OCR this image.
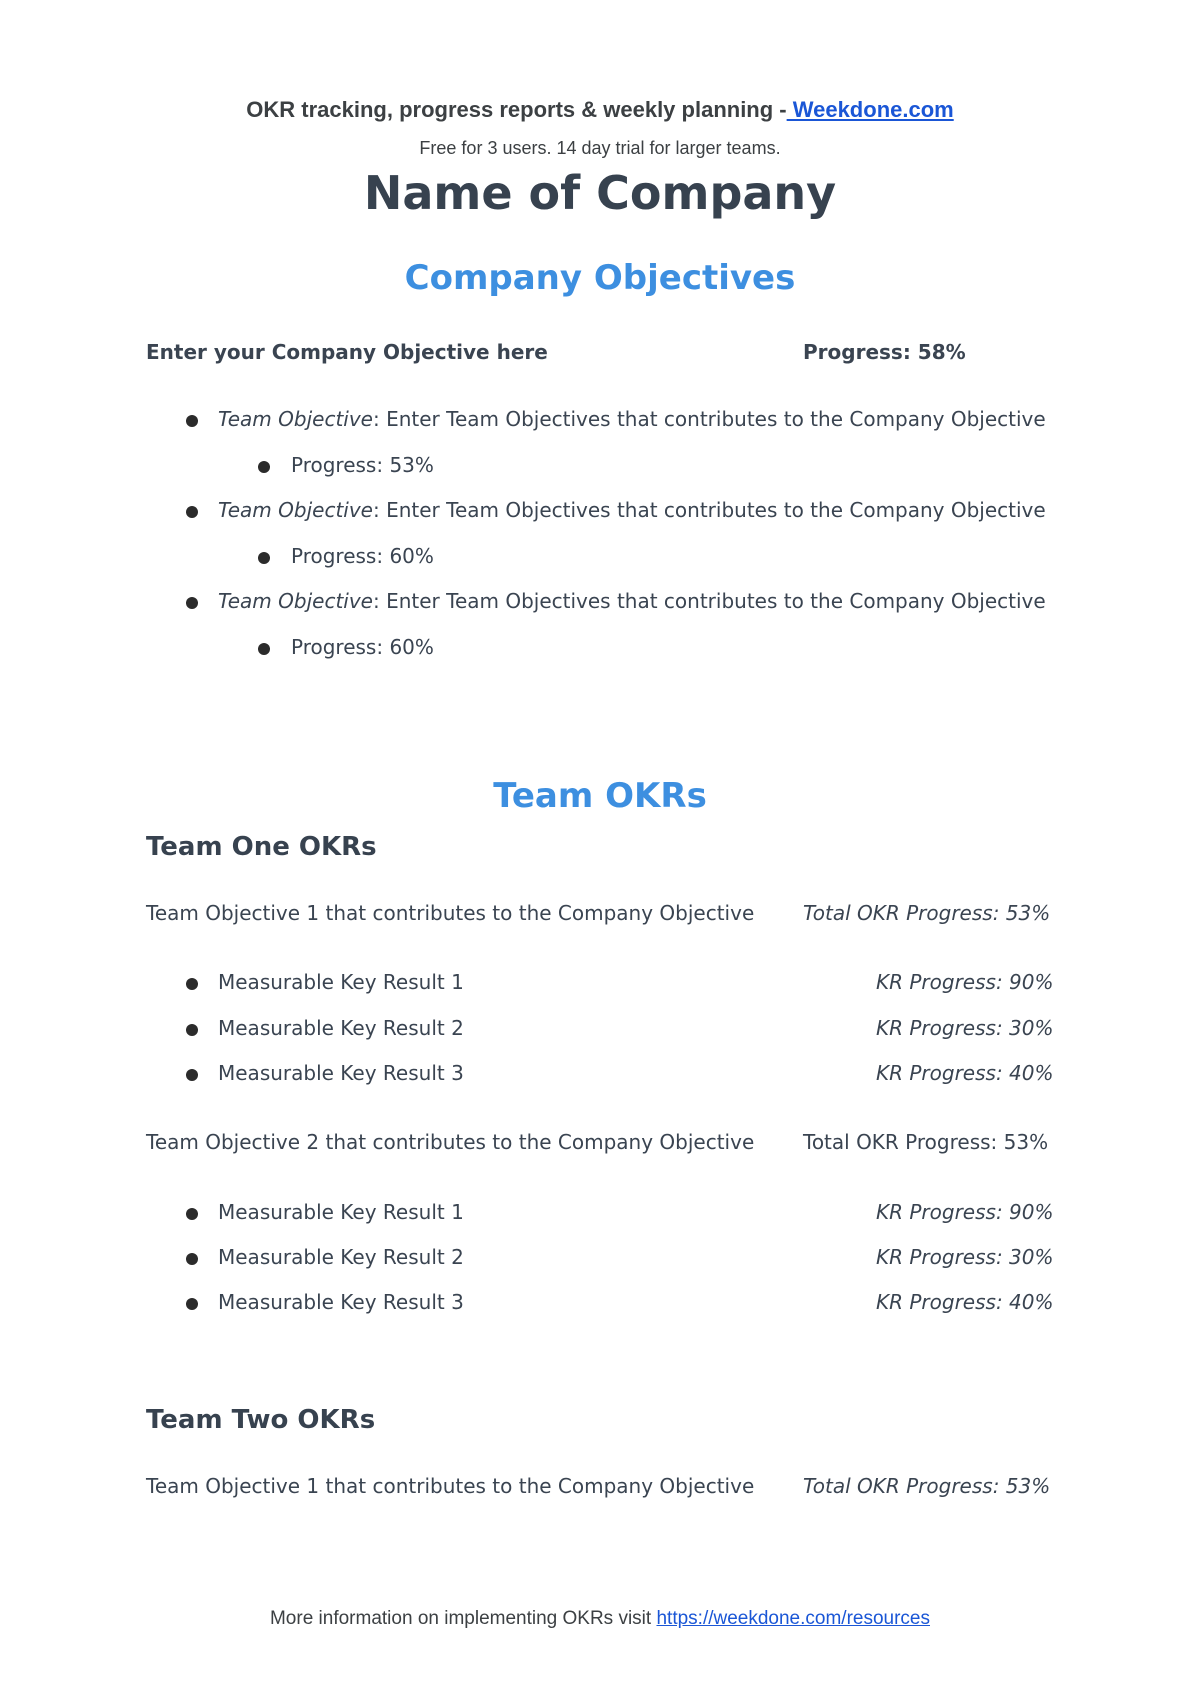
OKR tracking, progress reports & weekly planning - Weekdone.com
Free for 3 users. 14 day trial for larger teams.
Name of Company
Company Objectives
Enter your Company Objective here	Progress: 58%
Team Objective: Enter Team Objectives that contributes to the Company Objective
Progress: 53%
Team Objective: Enter Team Objectives that contributes to the Company Objective
Progress: 60%
Team Objective: Enter Team Objectives that contributes to the Company Objective
Progress: 60%
Team OKRs
Team One OKRs
Team Objective 1 that contributes to the Company Objective Total OKR Progress: 53%
Measurable Key Result 1	KR Progress: 90%
Measurable Key Result 2	KR Progress: 30%
Measurable Key Result 3	KR Progress: 40%
Team Objective 2 that contributes to the Company Objective Total OKR Progress: 53%
Measurable Key Result 1	KR Progress: 90%
Measurable Key Result 2	KR Progress: 30%
Measurable Key Result 3	KR Progress: 40%
Team Two OKRs
Team Objective 1 that contributes to the Company Objective Total OKR Progress: 53%
More information on implementing OKRs visit https://weekdone.com/resources
